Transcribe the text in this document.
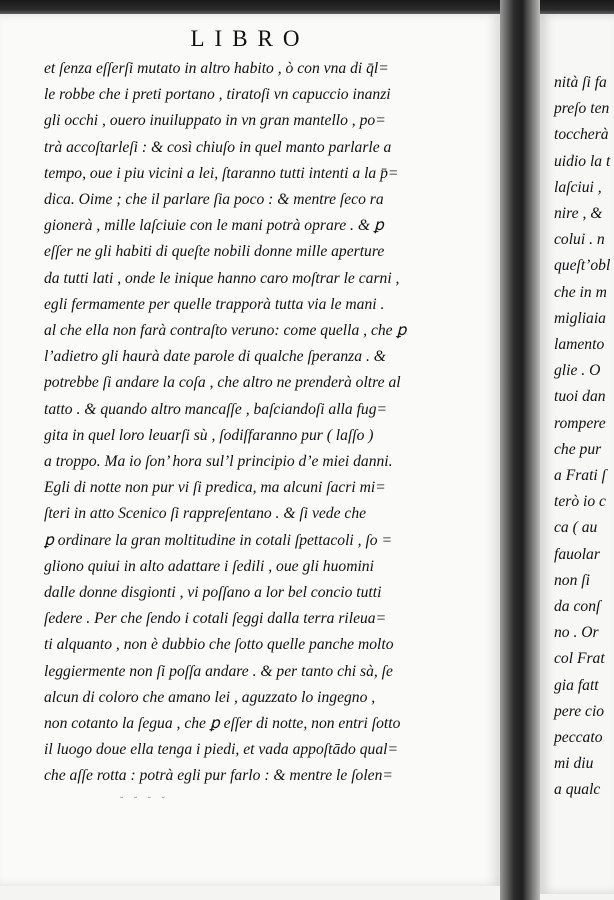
LIBRO
et ſenza eſſerſi mutato in altro habito , ò con vna di q̄l=
le robbe che i preti portano , tiratoſi vn capuccio inanzi
gli occhi , ouero inuiluppato in vn gran mantello , po=
trà accoſtarleſi : & così chiuſo in quel manto parlarle a
tempo, oue i piu vicini a lei, ſtaranno tutti intenti a la p̄=
dica. Oime ; che il parlare ſia poco : & mentre ſeco ra
gionerà , mille laſciuie con le mani potrà oprare . & ꝑ
eſſer ne gli habiti di queſte nobili donne mille aperture
da tutti lati , onde le inique hanno caro moſtrar le carni ,
egli fermamente per quelle trapporà tutta via le mani .
al che ella non farà contraſto veruno: come quella , che ꝑ
l’adietro gli haurà date parole di qualche ſperanza . &
potrebbe ſi andare la coſa , che altro ne prenderà oltre al
tatto . & quando altro mancaſſe , baſciandoſi alla fug=
gita in quel loro leuarſi sù , ſodiſfaranno pur ( laſſo )
a troppo. Ma io ſon’ hora sul’l principio d’e miei danni.
Egli di notte non pur vi ſi predica, ma alcuni ſacri mi=
ſteri in atto Scenico ſi rappreſentano . & ſi vede che
ꝑ ordinare la gran moltitudine in cotali ſpettacoli , ſo =
gliono quiui in alto adattare i ſedili , oue gli huomini
dalle donne disgionti , vi poſſano a lor bel concio tutti
ſedere . Per che ſendo i cotali ſeggi dalla terra rileua=
ti alquanto , non è dubbio che ſotto quelle panche molto
leggiermente non ſi poſſa andare . & per tanto chi sà, ſe
alcun di coloro che amano lei , aguzzato lo ingegno ,
non cotanto la ſegua , che ꝑ eſſer di notte, non entri ſotto
il luogo doue ella tenga i piedi, et vada appoſtādo qual=
che aſſe rotta : potrà egli pur farlo : & mentre le ſolen=
˘ ˘ ˘ ˘
nità ſi fa
preſo ten
toccherà
uidio la t
laſciui ,
nire , &
colui . n
queſt’obl
che in m
migliaia
lamento
glie . O
tuoi dan
rompere
che pur
a Frati ſ
terò io c
ca ( au
fauolar
non ſi
da conſ
no . Or
col Frat
gia fatt
pere cio
peccato
mi diu
a qualc
